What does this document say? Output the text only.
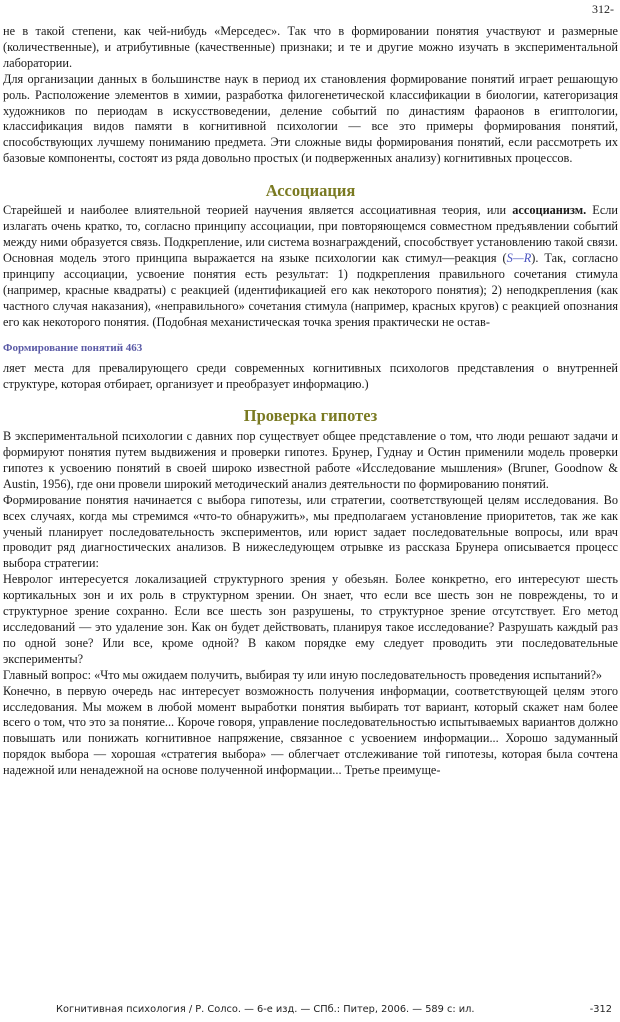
312-

не в такой степени, как чей-нибудь «Мерседес». Так что в формировании понятия участвуют и размерные (количественные), и атрибутивные (качественные) признаки; и те и другие можно изучать в экспериментальной лаборатории.

Для организации данных в большинстве наук в период их становления формирование понятий играет решающую роль. Расположение элементов в химии, разработка филогенетической классификации в биологии, категоризация художников по периодам в искусствоведении, деление событий по династиям фараонов в египтологии, классификация видов памяти в когнитивной психологии — все это примеры формирования понятий, способствующих лучшему пониманию предмета. Эти сложные виды формирования понятий, если рассмотреть их базовые компоненты, состоят из ряда довольно простых (и подверженных анализу) когнитивных процессов.

Ассоциация

Старейшей и наиболее влиятельной теорией научения является ассоциативная теория, или ассоцианизм. Если излагать очень кратко, то, согласно принципу ассоциации, при повторяющемся совместном предъявлении событий между ними образуется связь. Подкрепление, или система вознаграждений, способствует установлению такой связи. Основная модель этого принципа выражается на языке психологии как стимул—реакция (S—R). Так, согласно принципу ассоциации, усвоение понятия есть результат: 1) подкрепления правильного сочетания стимула (например, красные квадраты) с реакцией (идентификацией его как некоторого понятия); 2) неподкрепления (как частного случая наказания), «неправильного» сочетания стимула (например, красных кругов) с реакцией опознания его как некоторого понятия. (Подобная механистическая точка зрения практически не остав-

Формирование понятий 463

ляет места для превалирующего среди современных когнитивных психологов представления о внутренней структуре, которая отбирает, организует и преобразует информацию.)

Проверка гипотез

В экспериментальной психологии с давних пор существует общее представление о том, что люди решают задачи и формируют понятия путем выдвижения и проверки гипотез. Брунер, Гуднау и Остин применили модель проверки гипотез к усвоению понятий в своей широко известной работе «Исследование мышления» (Bruner, Goodnow & Austin, 1956), где они провели широкий методический анализ деятельности по формированию понятий.

Формирование понятия начинается с выбора гипотезы, или стратегии, соответствующей целям исследования. Во всех случаях, когда мы стремимся «что-то обнаружить», мы предполагаем установление приоритетов, так же как ученый планирует последовательность экспериментов, или юрист задает последовательные вопросы, или врач проводит ряд диагностических анализов. В нижеследующем отрывке из рассказа Брунера описывается процесс выбора стратегии:

Невролог интересуется локализацией структурного зрения у обезьян. Более конкретно, его интересуют шесть кортикальных зон и их роль в структурном зрении. Он знает, что если все шесть зон не повреждены, то и структурное зрение сохранно. Если все шесть зон разрушены, то структурное зрение отсутствует. Его метод исследований — это удаление зон. Как он будет действовать, планируя такое исследование? Разрушать каждый раз по одной зоне? Или все, кроме одной? В каком порядке ему следует проводить эти последовательные эксперименты?

Главный вопрос: «Что мы ожидаем получить, выбирая ту или иную последовательность проведения испытаний?»

Конечно, в первую очередь нас интересует возможность получения информации, соответствующей целям этого исследования. Мы можем в любой момент выработки понятия выбирать тот вариант, который скажет нам более всего о том, что это за понятие... Короче говоря, управление последовательностью испытываемых вариантов должно повышать или понижать когнитивное напряжение, связанное с усвоением информации... Хорошо задуманный порядок выбора — хорошая «стратегия выбора» — облегчает отслеживание той гипотезы, которая была сочтена надежной или ненадежной на основе полученной информации... Третье преимуще-

Когнитивная психология / Р. Солсо. — 6-е изд. — СПб.: Питер, 2006. — 589 с: ил.	-312
